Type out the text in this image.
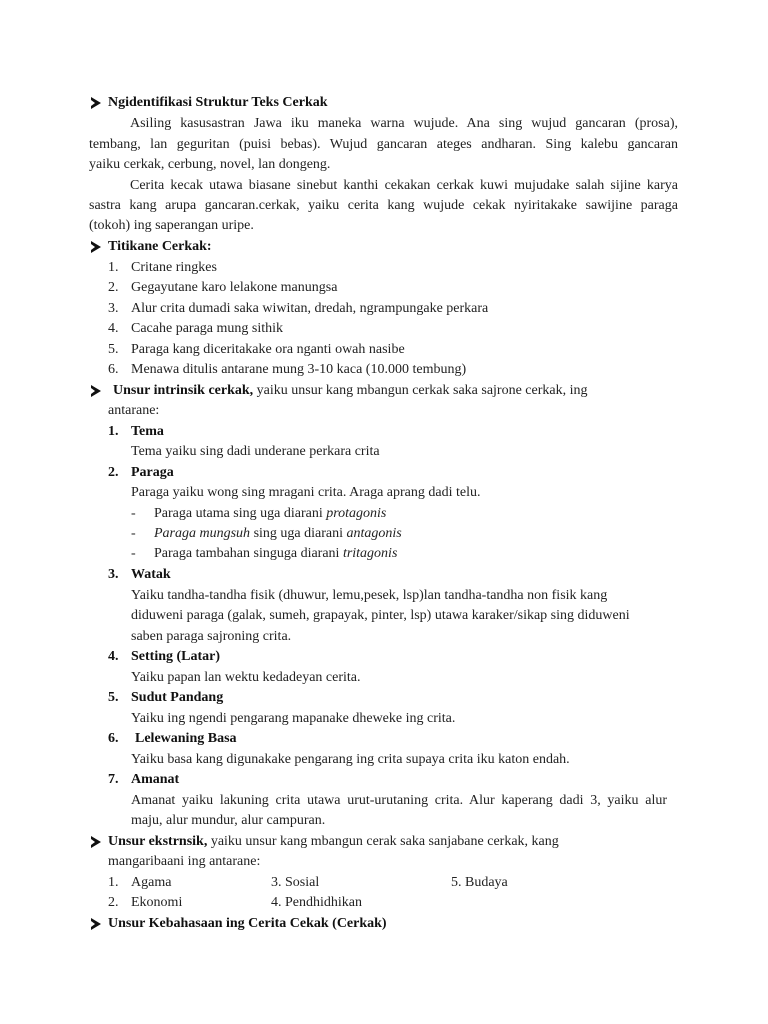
Ngidentifikasi Struktur Teks Cerkak
Asiling kasusastran Jawa iku maneka warna wujude. Ana sing wujud gancaran (prosa),
tembang, lan geguritan (puisi bebas). Wujud gancaran ateges andharan. Sing kalebu gancaran
yaiku cerkak, cerbung, novel, lan dongeng.
Cerita kecak utawa biasane sinebut kanthi cekakan cerkak kuwi mujudake salah sijine karya
sastra kang arupa gancaran.cerkak, yaiku cerita kang wujude cekak nyiritakake sawijine paraga
(tokoh) ing saperangan uripe.
Titikane Cerkak:
1. Critane ringkes
2. Gegayutane karo lelakone manungsa
3. Alur crita dumadi saka wiwitan, dredah, ngrampungake perkara
4. Cacahe paraga mung sithik
5. Paraga kang diceritakake ora nganti owah nasibe
6. Menawa ditulis antarane mung 3-10 kaca (10.000 tembung)
Unsur intrinsik cerkak, yaiku unsur kang mbangun cerkak saka sajrone cerkak, ing
antarane:
1. Tema
Tema yaiku sing dadi underane perkara crita
2. Paraga
Paraga yaiku wong sing mragani crita. Araga aprang dadi telu.
- Paraga utama sing uga diarani protagonis
- Paraga mungsuh sing uga diarani antagonis
- Paraga tambahan singuga diarani tritagonis
3. Watak
Yaiku tandha-tandha fisik (dhuwur, lemu,pesek, lsp)lan tandha-tandha non fisik kang
diduweni paraga (galak, sumeh, grapayak, pinter, lsp) utawa karaker/sikap sing diduweni
saben paraga sajroning crita.
4. Setting (Latar)
Yaiku papan lan wektu kedadeyan cerita.
5. Sudut Pandang
Yaiku ing ngendi pengarang mapanake dheweke ing crita.
6. Lelewaning Basa
Yaiku basa kang digunakake pengarang ing crita supaya crita iku katon endah.
7. Amanat
Amanat yaiku lakuning crita utawa urut-urutaning crita. Alur kaperang dadi 3, yaiku alur
maju, alur mundur, alur campuran.
Unsur ekstrnsik, yaiku unsur kang mbangun cerak saka sanjabane cerkak, kang
mangaribaani ing antarane:
1. Agama	3. Sosial	5. Budaya
2. Ekonomi	4. Pendhidhikan
Unsur Kebahasaan ing Cerita Cekak (Cerkak)
